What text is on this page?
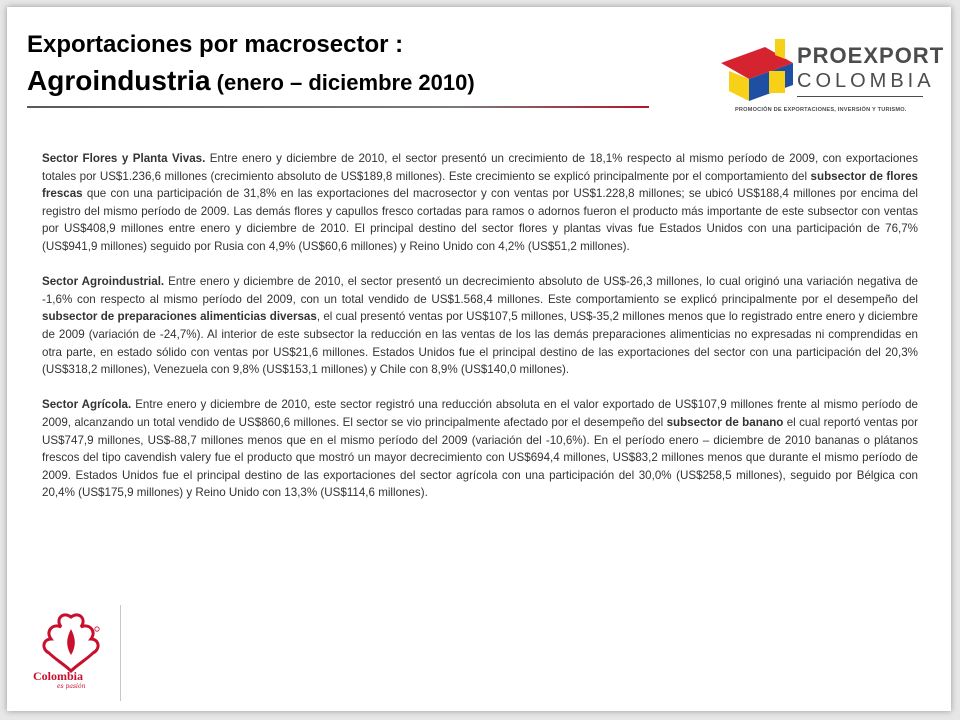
Exportaciones por macrosector :
Agroindustria (enero – diciembre 2010)
PROEXPORT
COLOMBIA
PROMOCIÓN DE EXPORTACIONES, INVERSIÓN Y TURISMO.

Sector Flores y Planta Vivas. Entre enero y diciembre de 2010, el sector presentó un crecimiento de 18,1% respecto al mismo período de 2009, con exportaciones totales por US$1.236,6 millones (crecimiento absoluto de US$189,8 millones). Este crecimiento se explicó principalmente por el comportamiento del subsector de flores frescas que con una participación de 31,8% en las exportaciones del macrosector y con ventas por US$1.228,8 millones; se ubicó US$188,4 millones por encima del registro del mismo período de 2009. Las demás flores y capullos fresco cortadas para ramos o adornos fueron el producto más importante de este subsector con ventas por US$408,9 millones entre enero y diciembre de 2010. El principal destino del sector flores y plantas vivas fue Estados Unidos con una participación de 76,7% (US$941,9 millones) seguido por Rusia con 4,9% (US$60,6 millones) y Reino Unido con 4,2% (US$51,2 millones).

Sector Agroindustrial. Entre enero y diciembre de 2010, el sector presentó un decrecimiento absoluto de US$-26,3 millones, lo cual originó una variación negativa de -1,6% con respecto al mismo período del 2009, con un total vendido de US$1.568,4 millones. Este comportamiento se explicó principalmente por el desempeño del subsector de preparaciones alimenticias diversas, el cual presentó ventas por US$107,5 millones, US$-35,2 millones menos que lo registrado entre enero y diciembre de 2009 (variación de -24,7%). Al interior de este subsector la reducción en las ventas de los las demás preparaciones alimenticias no expresadas ni comprendidas en otra parte, en estado sólido con ventas por US$21,6 millones. Estados Unidos fue el principal destino de las exportaciones del sector con una participación del 20,3% (US$318,2 millones), Venezuela con 9,8% (US$153,1 millones) y Chile con 8,9% (US$140,0 millones).

Sector Agrícola. Entre enero y diciembre de 2010, este sector registró una reducción absoluta en el valor exportado de US$107,9 millones frente al mismo período de 2009, alcanzando un total vendido de US$860,6 millones. El sector se vio principalmente afectado por el desempeño del subsector de banano el cual reportó ventas por US$747,9 millones, US$-88,7 millones menos que en el mismo período del 2009 (variación del -10,6%). En el período enero – diciembre de 2010 bananas o plátanos frescos del tipo cavendish valery fue el producto que mostró un mayor decrecimiento con US$694,4 millones, US$83,2 millones menos que durante el mismo período de 2009. Estados Unidos fue el principal destino de las exportaciones del sector agrícola con una participación del 30,0% (US$258,5 millones), seguido por Bélgica con 20,4% (US$175,9 millones) y Reino Unido con 13,3% (US$114,6 millones).

Colombia
es pasión
